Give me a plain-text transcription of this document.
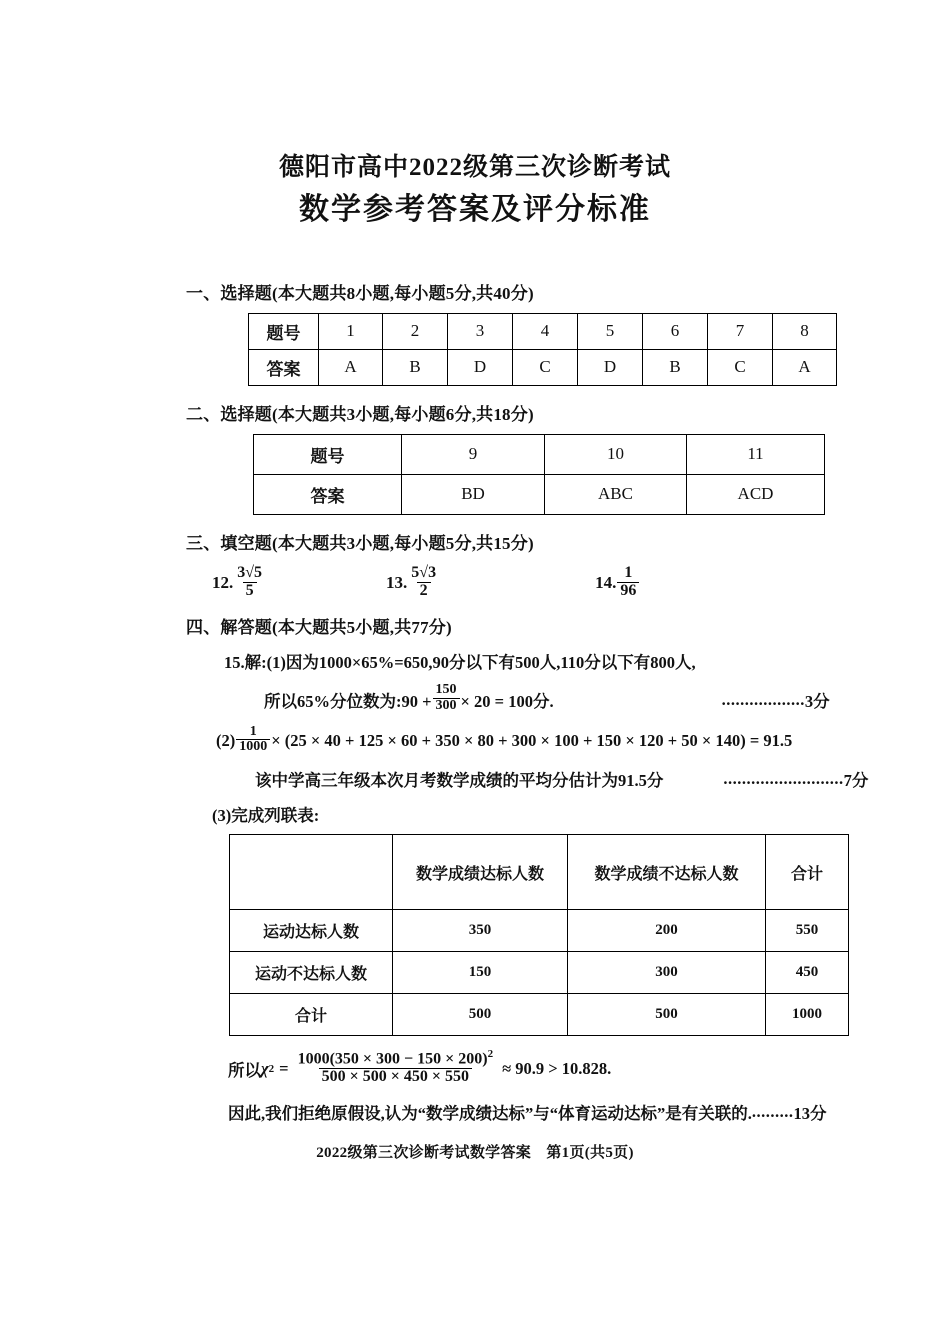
德阳市高中2022级第三次诊断考试
数学参考答案及评分标准
一、选择题(本大题共8小题,每小题5分,共40分)
题号	1	2	3	4	5	6	7	8
答案	A	B	D	C	D	B	C	A
二、选择题(本大题共3小题,每小题6分,共18分)
题号	9	10	11
答案	BD	ABC	ACD
三、填空题(本大题共3小题,每小题5分,共15分)
12. $\frac{3√5}{5}$	13. $\frac{5√3}{2}$	14. $\frac{1}{96}$
四、解答题(本大题共5小题,共77分)
15.解:(1)因为1000×65%=650,90分以下有500人,110分以下有800人,
所以65%分位数为:90 + $\frac{150}{300} \times 20 = 100$分.	.................. 3分
$(2) \frac{1}{1000} \times (25 \times 40 + 125 \times 60 + 350 \times 80 + 300 \times 100 + 150 \times 120 + 50 \times 140) = 91.5$
该中学高三年级本次月考数学成绩的平均分估计为91.5分	.......................... 7分
(3)完成列联表:
	数学成绩达标人数	数学成绩不达标人数	合计
运动达标人数	350	200	550
运动不达标人数	150	300	450
合计	500	500	1000
所以 χ $2 = \frac{1000(350 \times 300 - 150 \times 200)^2}{500 \times 500 \times 450 \times 550} \approx 90.9 > 10.828$.
因此,我们拒绝原假设,认为“数学成绩达标”与“体育运动达标”是有关联的. ......... 13分
2022级第三次诊断考试数学答案　第1页(共5页)
